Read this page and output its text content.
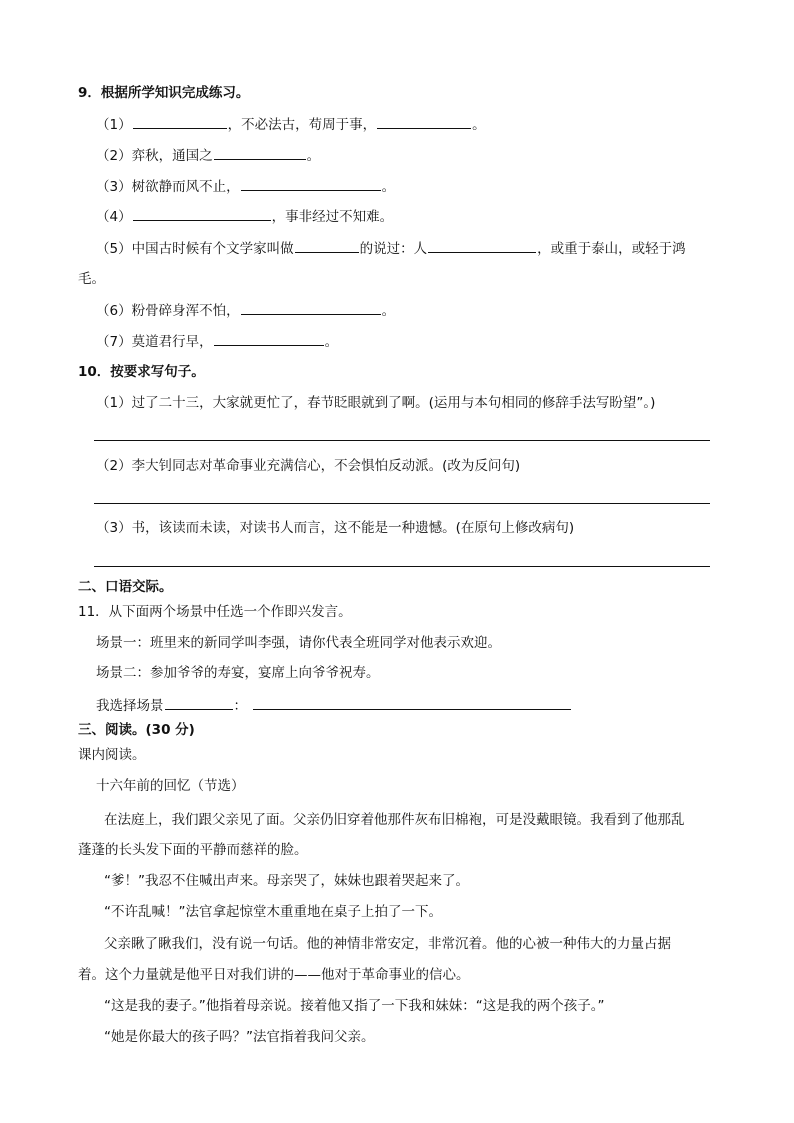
9．根据所学知识完成练习。
（1）	，不必法古，苟周于事，	。
（2）弈秋，通国之	。
（3）树欲静而风不止，	。
（4）	，事非经过不知难。
（5）中国古时候有个文学家叫做	的说过：人	，或重于泰山，或轻于鸿
毛。
（6）粉骨碎身浑不怕，	。
（7）莫道君行早，	。
10．按要求写句子。
（1）过了二十三，大家就更忙了，春节眨眼就到了啊。(运用与本句相同的修辞手法写盼望”。)
（2）李大钊同志对革命事业充满信心，不会惧怕反动派。(改为反问句)
（3）书，该读而未读，对读书人而言，这不能是一种遗憾。(在原句上修改病句)
二、口语交际。
11．从下面两个场景中任选一个作即兴发言。
场景一：班里来的新同学叫李强，请你代表全班同学对他表示欢迎。
场景二：参加爷爷的寿宴，宴席上向爷爷祝寿。
我选择场景	：
三、阅读。(30 分)
课内阅读。
十六年前的回忆（节选）
在法庭上，我们跟父亲见了面。父亲仍旧穿着他那件灰布旧棉袍，可是没戴眼镜。我看到了他那乱
蓬蓬的长头发下面的平静而慈祥的脸。
“爹！”我忍不住喊出声来。母亲哭了，妹妹也跟着哭起来了。
“不许乱喊！”法官拿起惊堂木重重地在桌子上拍了一下。
父亲瞅了瞅我们，没有说一句话。他的神情非常安定，非常沉着。他的心被一种伟大的力量占据
着。这个力量就是他平日对我们讲的——他对于革命事业的信心。
“这是我的妻子。”他指着母亲说。接着他又指了一下我和妹妹：“这是我的两个孩子。”
“她是你最大的孩子吗？”法官指着我问父亲。
